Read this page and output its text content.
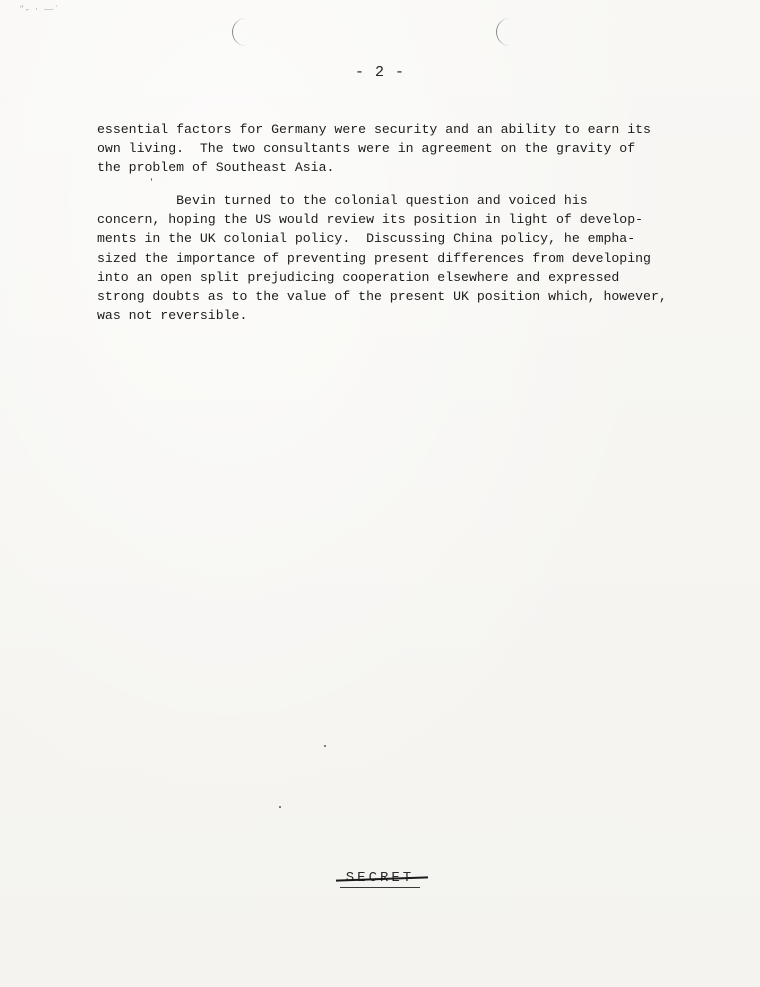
″- · —˙
- 2 -
essential factors for Germany were security and an ability to earn its
own living.  The two consultants were in agreement on the gravity of
the problem of Southeast Asia.
Bevin turned to the colonial question and voiced his
concern, hoping the US would review its position in light of develop-
ments in the UK colonial policy.  Discussing China policy, he empha-
sized the importance of preventing present differences from developing
into an open split prejudicing cooperation elsewhere and expressed
strong doubts as to the value of the present UK position which, however,
was not reversible.
SECRET
